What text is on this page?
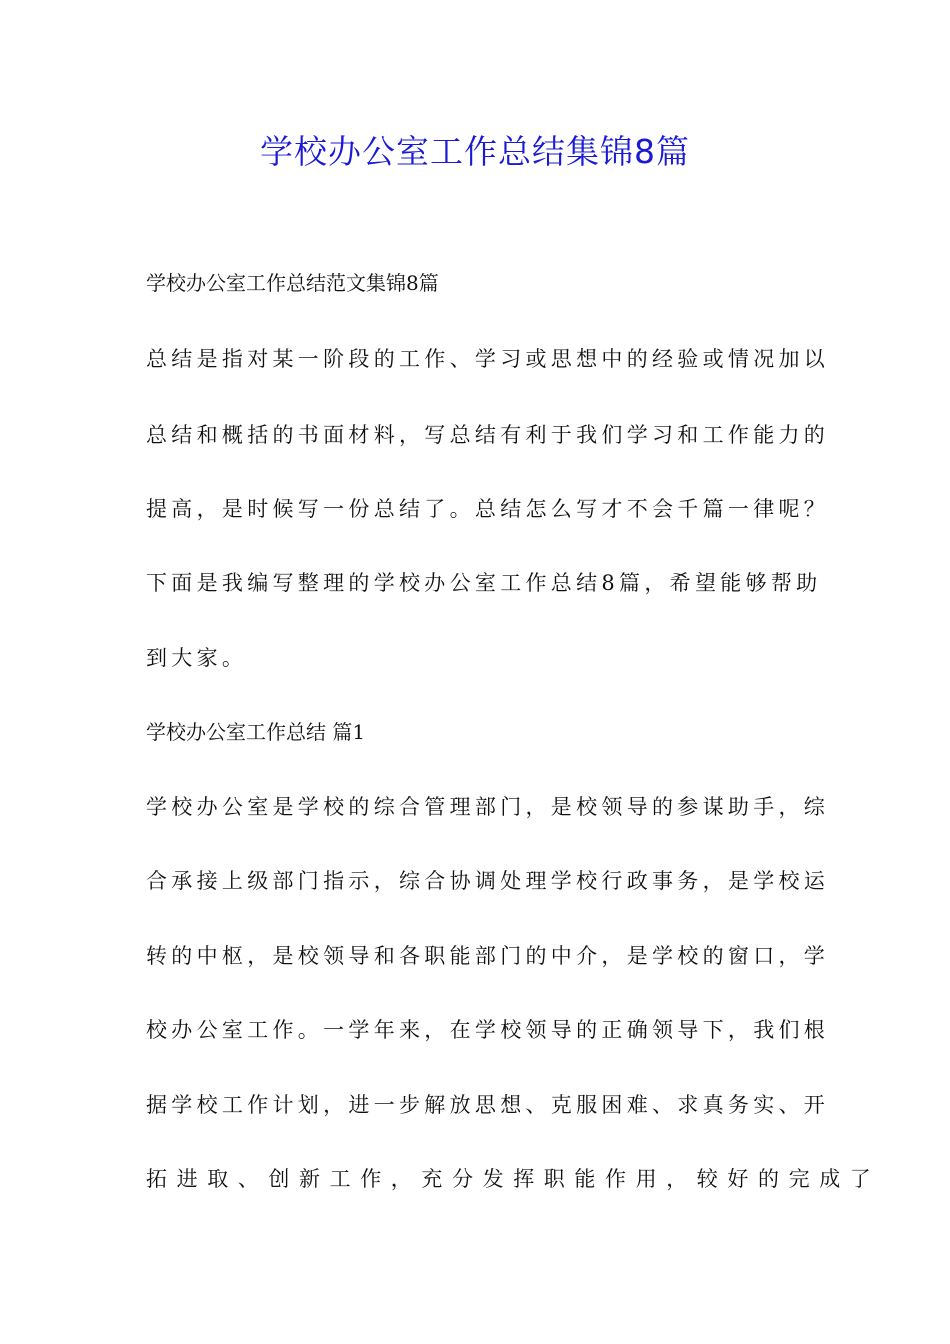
学校办公室工作总结集锦8篇
学校办公室工作总结范文集锦8篇
总结是指对某一阶段的工作、学习或思想中的经验或情况加以
总结和概括的书面材料，写总结有利于我们学习和工作能力的
提高，是时候写一份总结了。总结怎么写才不会千篇一律呢？
下面是我编写整理的学校办公室工作总结8篇，希望能够帮助
到大家。
学校办公室工作总结 篇1
学校办公室是学校的综合管理部门，是校领导的参谋助手，综
合承接上级部门指示，综合协调处理学校行政事务，是学校运
转的中枢，是校领导和各职能部门的中介，是学校的窗口，学
校办公室工作。一学年来，在学校领导的正确领导下，我们根
据学校工作计划，进一步解放思想、克服困难、求真务实、开
拓进取、创新工作，充分发挥职能作用，较好的完成了
